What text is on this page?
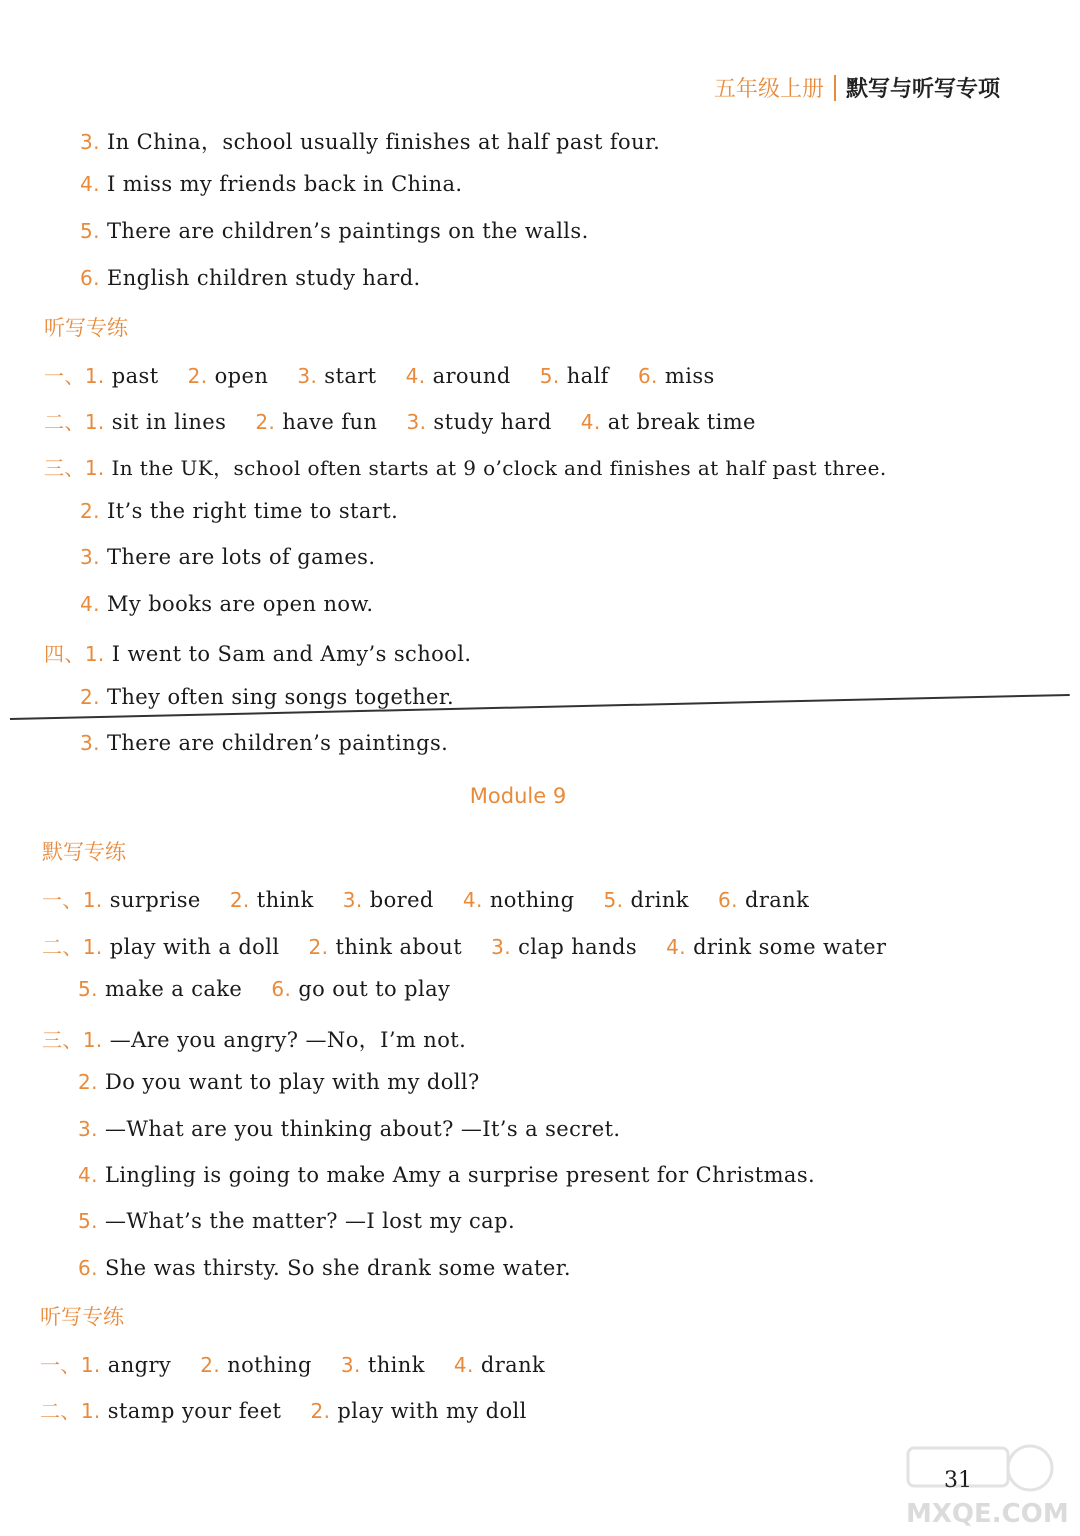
五年级上册 默写与听写专项
3. In China，school usually finishes at half past four.
4. I miss my friends back in China.
5. There are children’s paintings on the walls.
6. English children study hard.
听写专练
一、1. past 2. open 3. start 4. around 5. half 6. miss
二、1. sit in lines 2. have fun 3. study hard 4. at break time
三、1. In the UK，school often starts at 9 o’clock and finishes at half past three.
2. It’s the right time to start.
3. There are lots of games.
4. My books are open now.
四、1. I went to Sam and Amy’s school.
2. They often sing songs together.
3. There are children’s paintings.
Module 9
默写专练
一、1. surprise 2. think 3. bored 4. nothing 5. drink 6. drank
二、1. play with a doll 2. think about 3. clap hands 4. drink some water
5. make a cake 6. go out to play
三、1. —Are you angry? —No，I’m not.
2. Do you want to play with my doll?
3. —What are you thinking about? —It’s a secret.
4. Lingling is going to make Amy a surprise present for Christmas.
5. —What’s the matter? —I lost my cap.
6. She was thirsty. So she drank some water.
听写专练
一、1. angry 2. nothing 3. think 4. drank
二、1. stamp your feet 2. play with my doll
31
MXQE.COM
